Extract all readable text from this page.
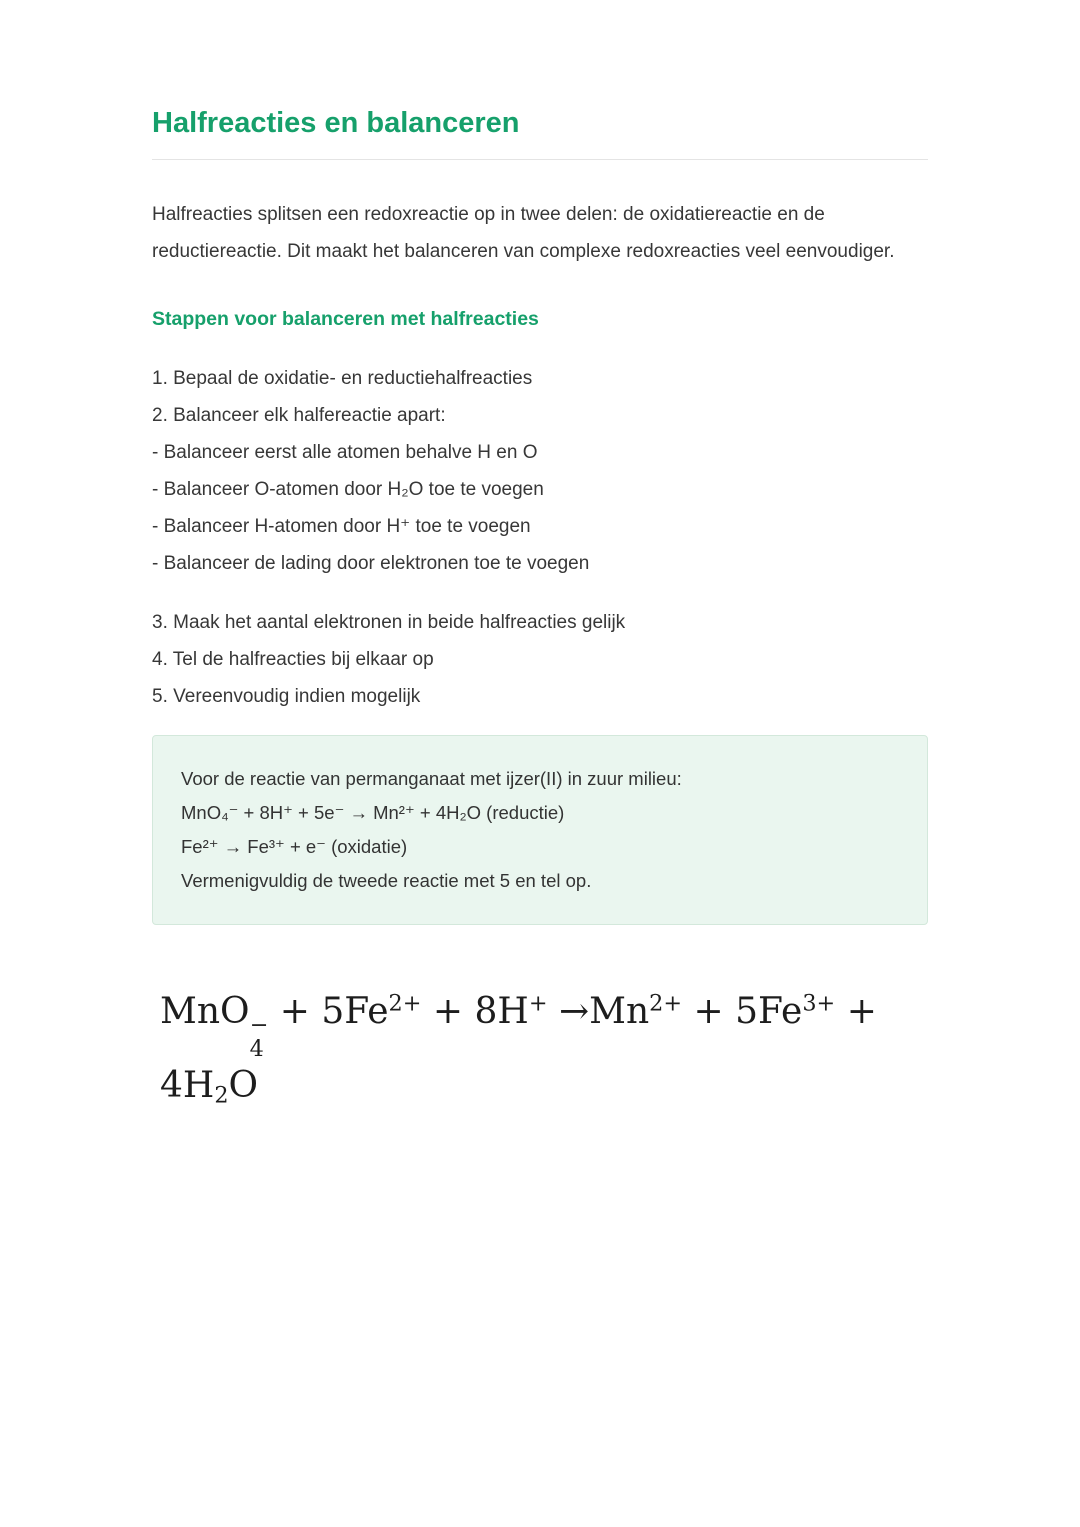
Halfreacties en balanceren

Halfreacties splitsen een redoxreactie op in twee delen: de oxidatiereactie en de reductiereactie. Dit maakt het balanceren van complexe redoxreacties veel eenvoudiger.

Stappen voor balanceren met halfreacties

1. Bepaal de oxidatie- en reductiehalfreacties

2. Balanceer elk halfereactie apart:

- Balanceer eerst alle atomen behalve H en O

- Balanceer O-atomen door H₂O toe te voegen

- Balanceer H-atomen door H⁺ toe te voegen

- Balanceer de lading door elektronen toe te voegen

3. Maak het aantal elektronen in beide halfreacties gelijk

4. Tel de halfreacties bij elkaar op

5. Vereenvoudig indien mogelijk

Voor de reactie van permanganaat met ijzer(II) in zuur milieu:

MnO₄⁻ + 8H⁺ + 5e⁻ → Mn²⁺ + 4H₂O (reductie)

Fe²⁺ → Fe³⁺ + e⁻ (oxidatie)

Vermenigvuldig de tweede reactie met 5 en tel op.

MnO −
4
+ $5Fe^{2+} + 8H^+ \to Mn^{2+} + 5Fe^{3+} + 4H2O$
